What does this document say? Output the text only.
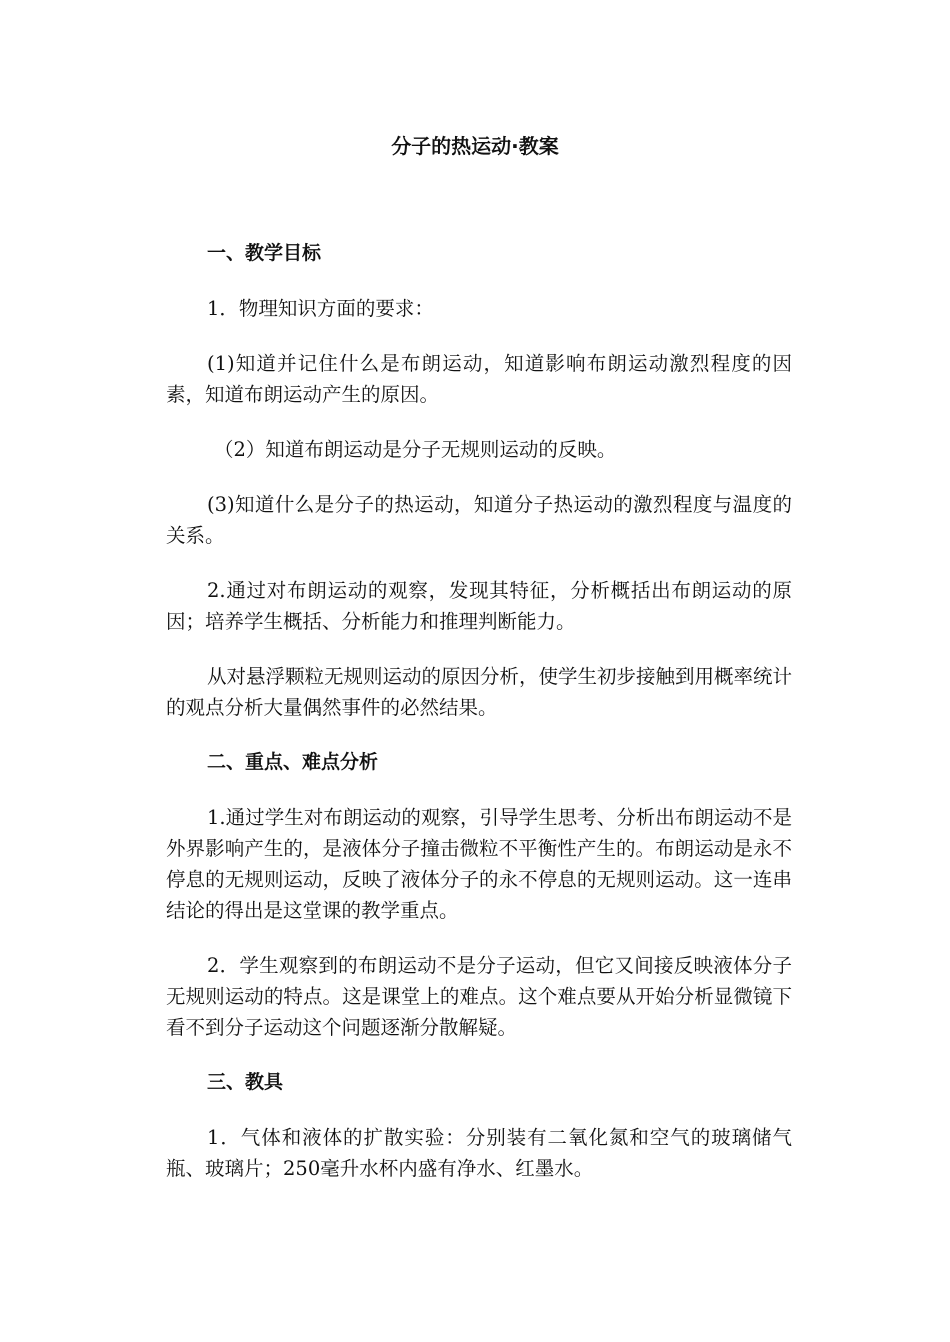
分子的热运动·教案
一、教学目标

1．物理知识方面的要求：

(1)知道并记住什么是布朗运动，知道影响布朗运动激烈程度的因素，知道布朗运动产生的原因。

（2）知道布朗运动是分子无规则运动的反映。

(3)知道什么是分子的热运动，知道分子热运动的激烈程度与温度的关系。

2.通过对布朗运动的观察，发现其特征，分析概括出布朗运动的原因；培养学生概括、分析能力和推理判断能力。

从对悬浮颗粒无规则运动的原因分析，使学生初步接触到用概率统计的观点分析大量偶然事件的必然结果。

二、重点、难点分析

1.通过学生对布朗运动的观察，引导学生思考、分析出布朗运动不是外界影响产生的，是液体分子撞击微粒不平衡性产生的。布朗运动是永不停息的无规则运动，反映了液体分子的永不停息的无规则运动。这一连串结论的得出是这堂课的教学重点。

2．学生观察到的布朗运动不是分子运动，但它又间接反映液体分子无规则运动的特点。这是课堂上的难点。这个难点要从开始分析显微镜下看不到分子运动这个问题逐渐分散解疑。

三、教具

1．气体和液体的扩散实验：分别装有二氧化氮和空气的玻璃储气瓶、玻璃片；250毫升水杯内盛有净水、红墨水。
